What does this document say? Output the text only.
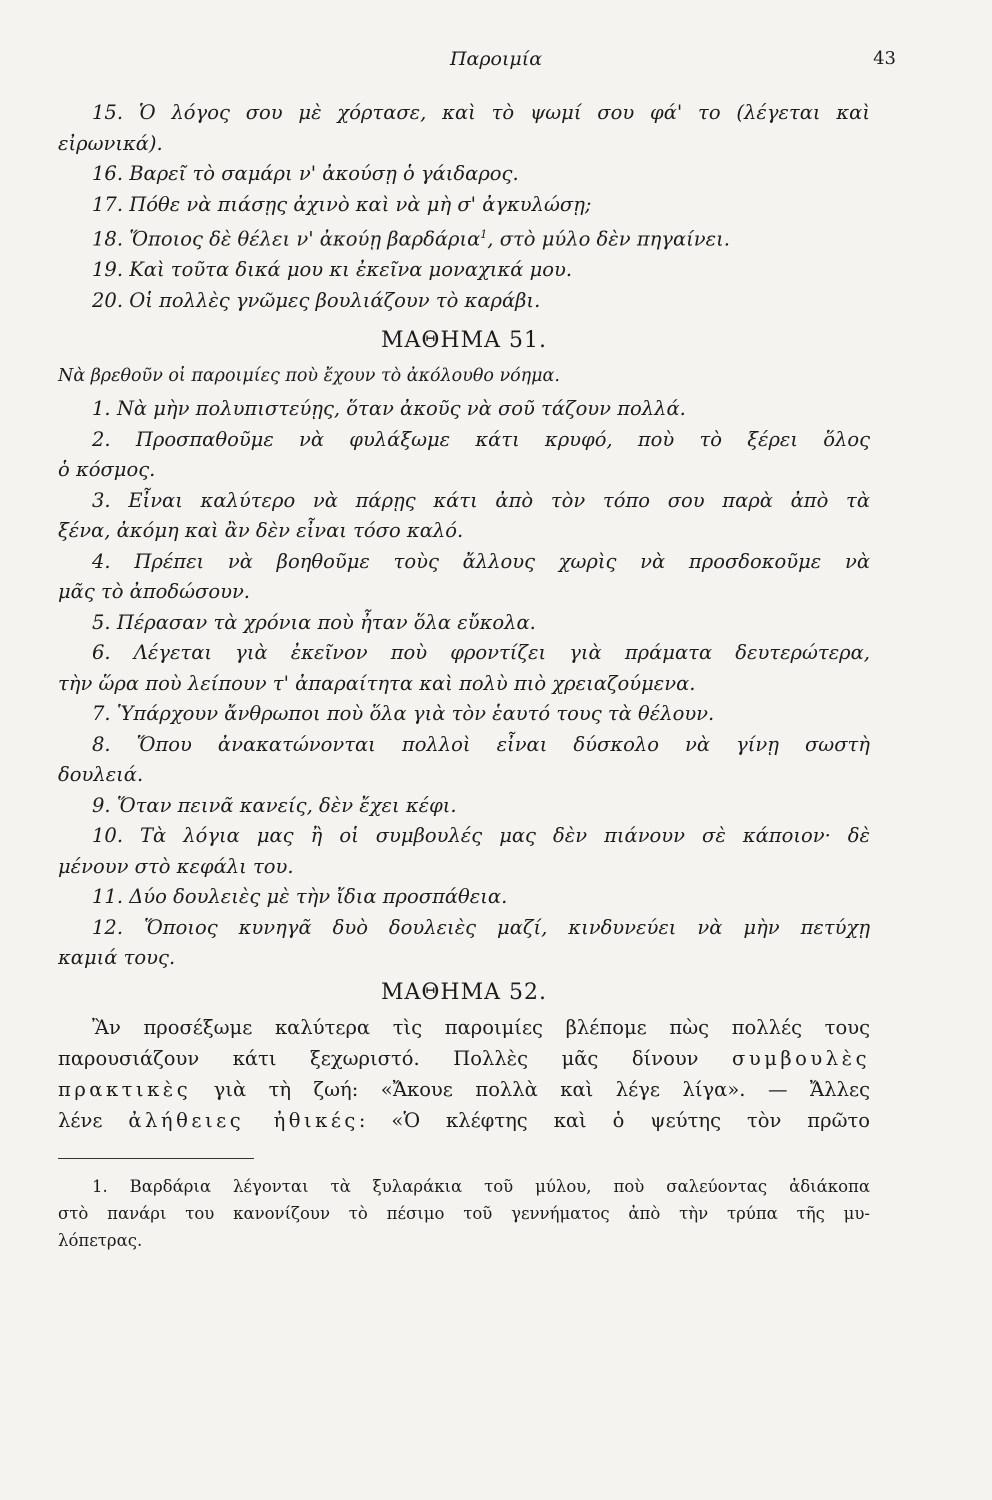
Παροιμία	43

15. Ὁ λόγος σου μὲ χόρτασε, καὶ τὸ ψωμί σου φά' το (λέγεται καὶ

εἰρωνικά).

16. Βαρεῖ τὸ σαμάρι ν' ἀκούσῃ ὁ γάιδαρος.

17. Πόθε νὰ πιάσῃς ἀχινὸ καὶ νὰ μὴ σ' ἀγκυλώσῃ;

18. Ὅποιος δὲ θέλει ν' ἀκούῃ βαρδάρια$^1$, στὸ μύλο δὲν πηγαίνει.

19. Καὶ τοῦτα δικά μου κι ἐκεῖνα μοναχικά μου.

20. Οἱ πολλὲς γνῶμες βουλιάζουν τὸ καράβι.

ΜΑΘΗΜΑ 51.

Νὰ βρεθοῦν οἱ παροιμίες ποὺ ἔχουν τὸ ἀκόλουθο νόημα.

1. Νὰ μὴν πολυπιστεύῃς, ὅταν ἀκοῦς νὰ σοῦ τάζουν πολλά.

2. Προσπαθοῦμε νὰ φυλάξωμε κάτι κρυφό, ποὺ τὸ ξέρει ὅλος

ὁ κόσμος.

3. Εἶναι καλύτερο νὰ πάρῃς κάτι ἀπὸ τὸν τόπο σου παρὰ ἀπὸ τὰ

ξένα, ἀκόμη καὶ ἂν δὲν εἶναι τόσο καλό.

4. Πρέπει νὰ βοηθοῦμε τοὺς ἄλλους χωρὶς νὰ προσδοκοῦμε νὰ

μᾶς τὸ ἀποδώσουν.

5. Πέρασαν τὰ χρόνια ποὺ ἦταν ὅλα εὔκολα.

6. Λέγεται γιὰ ἐκεῖνον ποὺ φροντίζει γιὰ πράματα δευτερώτερα,

τὴν ὥρα ποὺ λείπουν τ' ἀπαραίτητα καὶ πολὺ πιὸ χρειαζούμενα.

7. Ὑπάρχουν ἄνθρωποι ποὺ ὅλα γιὰ τὸν ἑαυτό τους τὰ θέλουν.

8. Ὅπου ἀνακατώνονται πολλοὶ εἶναι δύσκολο νὰ γίνῃ σωστὴ

δουλειά.

9. Ὅταν πεινᾶ κανείς, δὲν ἔχει κέφι.

10. Τὰ λόγια μας ἢ οἱ συμβουλές μας δὲν πιάνουν σὲ κάποιον· δὲ

μένουν στὸ κεφάλι του.

11. Δύο δουλειὲς μὲ τὴν ἴδια προσπάθεια.

12. Ὅποιος κυνηγᾶ δυὸ δουλειὲς μαζί, κινδυνεύει νὰ μὴν πετύχῃ

καμιά τους.

ΜΑΘΗΜΑ 52.

Ἂν προσέξωμε καλύτερα τὶς παροιμίες βλέπομε πὼς πολλές τους

παρουσιάζουν κάτι ξεχωριστό. Πολλὲς μᾶς δίνουν συμβουλὲς

πρακτικὲς γιὰ τὴ ζωή: «Ἄκουε πολλὰ καὶ λέγε λίγα». — Ἄλλες

λένε ἀλήθειες ἠθικές: «Ὁ κλέφτης καὶ ὁ ψεύτης τὸν πρῶτο

1. Βαρδάρια λέγονται τὰ ξυλαράκια τοῦ μύλου, ποὺ σαλεύοντας ἀδιάκοπα

στὸ πανάρι του κανονίζουν τὸ πέσιμο τοῦ γεννήματος ἀπὸ τὴν τρύπα τῆς μυ-

λόπετρας.
